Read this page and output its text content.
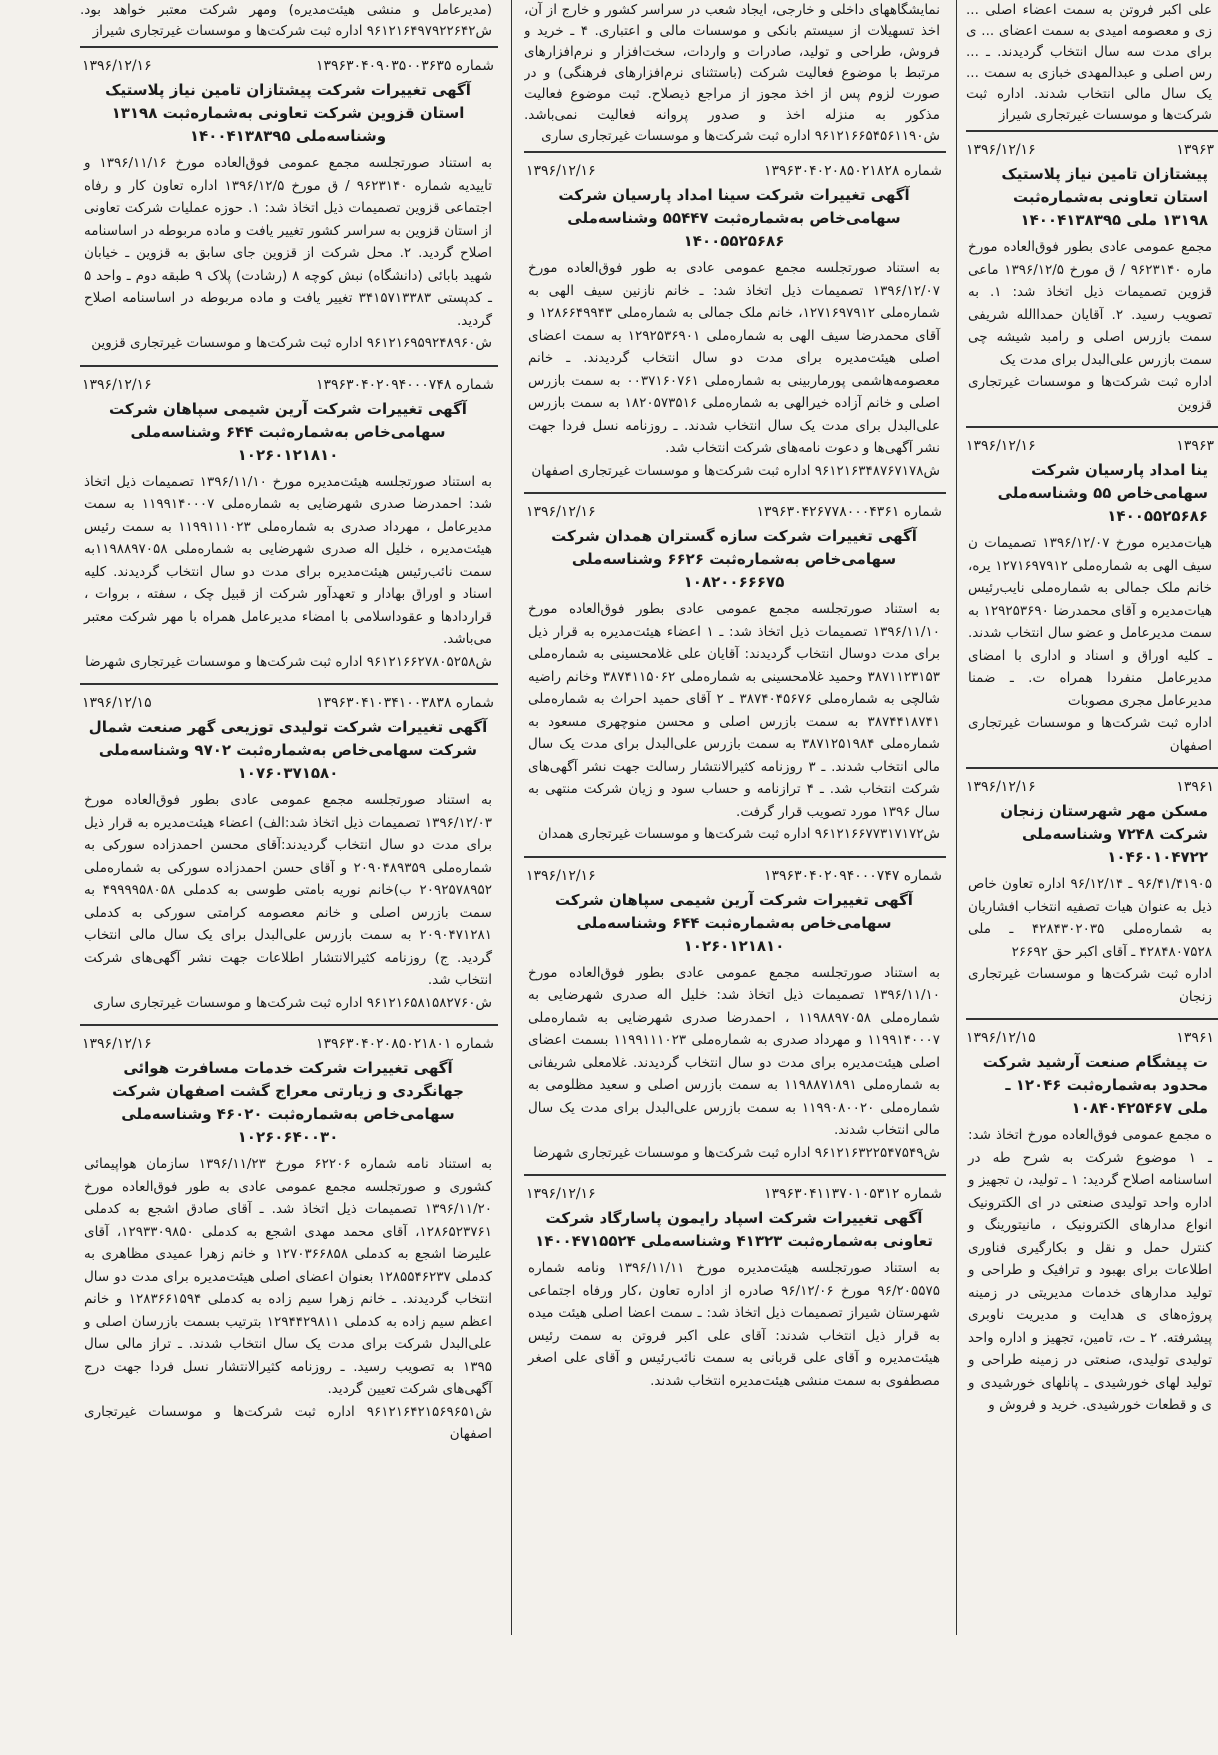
(مدیرعامل و منشی هیئت‌مدیره) ومهر شرکت معتبر خواهد بود. ش۹۶۱۲۱۶۴۹۷۹۲۲۶۴۲ اداره ثبت شرکت‌ها و موسسات غیرتجاری شیراز
شماره ۱۳۹۶۳۰۴۰۹۰۳۵۰۰۳۶۳۵
۱۳۹۶/۱۲/۱۶
آگهی تغییرات شرکت پیشتازان تامین نیاز پلاستیک استان قزوین شرکت تعاونی به‌شماره‌ثبت ۱۳۱۹۸ وشناسه‌ملی ۱۴۰۰۴۱۳۸۳۹۵
به استناد صورتجلسه مجمع عمومی فوق‌العاده مورخ ۱۳۹۶/۱۱/۱۶ و تاییدیه شماره ۹۶۲۳۱۴۰ / ق مورخ ۱۳۹۶/۱۲/۵ اداره تعاون کار و رفاه اجتماعی قزوین تصمیمات ذیل اتخاذ شد: ۱. حوزه عملیات شرکت تعاونی از استان قزوین به سراسر کشور تغییر یافت و ماده مربوطه در اساسنامه اصلاح گردید. ۲. محل شرکت از قزوین جای سابق به قزوین ـ خیابان شهید بابائی (دانشگاه) نبش کوچه ۸ (رشادت) پلاک ۹ طبقه دوم ـ واحد ۵ ـ کدپستی ۳۴۱۵۷۱۳۳۸۳ تغییر یافت و ماده مربوطه در اساسنامه اصلاح گردید.
ش۹۶۱۲۱۶۹۵۹۲۴۸۹۶۰ اداره ثبت شرکت‌ها و موسسات غیرتجاری قزوین
شماره ۱۳۹۶۳۰۴۰۲۰۹۴۰۰۰۷۴۸
۱۳۹۶/۱۲/۱۶
آگهی تغییرات شرکت آرین شیمی سپاهان شرکت سهامی‌خاص به‌شماره‌ثبت ۶۴۴ وشناسه‌ملی ۱۰۲۶۰۱۲۱۸۱۰
به استناد صورتجلسه هیئت‌مدیره مورخ ۱۳۹۶/۱۱/۱۰ تصمیمات ذیل اتخاذ شد: احمدرضا صدری شهرضایی به شماره‌ملی ۱۱۹۹۱۴۰۰۰۷ به سمت مدیرعامل ، مهرداد صدری به شماره‌ملی ۱۱۹۹۱۱۱۰۲۳ به سمت رئیس هیئت‌مدیره ، خلیل اله صدری شهرضایی به شماره‌ملی ۱۱۹۸۸۹۷۰۵۸به سمت نائب‌رئیس هیئت‌مدیره برای مدت دو سال انتخاب گردیدند. کلیه اسناد و اوراق بهادار و تعهدآور شرکت از قبیل چک ، سفته ، بروات ، قراردادها و عقوداسلامی با امضاء مدیرعامل همراه با مهر شرکت معتبر می‌باشد.
ش۹۶۱۲۱۶۶۲۷۸۰۵۲۵۸ اداره ثبت شرکت‌ها و موسسات غیرتجاری شهرضا
شماره ۱۳۹۶۳۰۴۱۰۳۴۱۰۰۳۸۳۸
۱۳۹۶/۱۲/۱۵
آگهی تغییرات شرکت تولیدی توزیعی گهر صنعت شمال شرکت سهامی‌خاص به‌شماره‌ثبت ۹۷۰۲ وشناسه‌ملی ۱۰۷۶۰۳۷۱۵۸۰
به استناد صورتجلسه مجمع عمومی عادی بطور فوق‌العاده مورخ ۱۳۹۶/۱۲/۰۳ تصمیمات ذیل اتخاذ شد:الف) اعضاء هیئت‌مدیره به قرار ذیل برای مدت دو سال انتخاب گردیدند:آقای محسن احمدزاده سورکی به شماره‌ملی ۲۰۹۰۴۸۹۳۵۹ و آقای حسن احمدزاده سورکی به شماره‌ملی ۲۰۹۲۵۷۸۹۵۲ ب)خانم نوریه بامتی طوسی به کدملی ۴۹۹۹۹۵۸۰۵۸ به سمت بازرس اصلی و خانم معصومه کرامتی سورکی به کدملی ۲۰۹۰۴۷۱۲۸۱ به سمت بازرس علی‌البدل برای یک سال مالی انتخاب گردید. ج) روزنامه کثیرالانتشار اطلاعات جهت نشر آگهی‌های شرکت انتخاب شد.
ش۹۶۱۲۱۶۵۸۱۵۸۲۷۶۰ اداره ثبت شرکت‌ها و موسسات غیرتجاری ساری
شماره ۱۳۹۶۳۰۴۰۲۰۸۵۰۲۱۸۰۱
۱۳۹۶/۱۲/۱۶
آگهی تغییرات شرکت خدمات مسافرت هوائی جهانگردی و زیارتی معراج گشت اصفهان شرکت سهامی‌خاص به‌شماره‌ثبت ۴۶۰۲۰ وشناسه‌ملی ۱۰۲۶۰۶۴۰۰۳۰
به استناد نامه شماره ۶۲۲۰۶ مورخ ۱۳۹۶/۱۱/۲۳ سازمان هواپیمائی کشوری و صورتجلسه مجمع عمومی عادی به طور فوق‌العاده مورخ ۱۳۹۶/۱۱/۲۰ تصمیمات ذیل اتخاذ شد. ـ آقای صادق اشجع به کدملی ۱۲۸۶۵۲۳۷۶۱، آقای محمد مهدی اشجع به کدملی ۱۲۹۳۳۰۹۸۵۰، آقای علیرضا اشجع به کدملی ۱۲۷۰۳۶۶۸۵۸ و خانم زهرا عمیدی مظاهری به کدملی ۱۲۸۵۵۴۶۲۳۷ بعنوان اعضای اصلی هیئت‌مدیره برای مدت دو سال انتخاب گردیدند. ـ خانم زهرا سیم زاده به کدملی ۱۲۸۳۶۶۱۵۹۴ و خانم اعظم سیم زاده به کدملی ۱۲۹۴۴۲۹۸۱۱ بترتیب بسمت بازرسان اصلی و علی‌البدل شرکت برای مدت یک سال انتخاب شدند. ـ تراز مالی سال ۱۳۹۵ به تصویب رسید. ـ روزنامه کثیرالانتشار نسل فردا جهت درج آگهی‌های شرکت تعیین گردید.
ش۹۶۱۲۱۶۴۲۱۵۶۹۶۵۱ اداره ثبت شرکت‌ها و موسسات غیرتجاری اصفهان
نمایشگاههای داخلی و خارجی، ایجاد شعب در سراسر کشور و خارج از آن، اخذ تسهیلات از سیستم بانکی و موسسات مالی و اعتباری. ۴ ـ خرید و فروش، طراحی و تولید، صادرات و واردات، سخت‌افزار و نرم‌افزارهای مرتبط با موضوع فعالیت شرکت (باستثنای نرم‌افزارهای فرهنگی) و در صورت لزوم پس از اخذ مجوز از مراجع ذیصلاح. ثبت موضوع فعالیت مذکور به منزله اخذ و صدور پروانه فعالیت نمی‌باشد. ش۹۶۱۲۱۶۶۵۴۵۶۱۱۹۰ اداره ثبت شرکت‌ها و موسسات غیرتجاری ساری
شماره ۱۳۹۶۳۰۴۰۲۰۸۵۰۲۱۸۲۸
۱۳۹۶/۱۲/۱۶
آگهی تغییرات شرکت سینا امداد پارسیان شرکت سهامی‌خاص به‌شماره‌ثبت ۵۵۴۴۷ وشناسه‌ملی ۱۴۰۰۵۵۲۵۶۸۶
به استناد صورتجلسه مجمع عمومی عادی به طور فوق‌العاده مورخ ۱۳۹۶/۱۲/۰۷ تصمیمات ذیل اتخاذ شد: ـ خانم نازنین سیف الهی به شماره‌ملی ۱۲۷۱۶۹۷۹۱۲، خانم ملک جمالی به شماره‌ملی ۱۲۸۶۶۴۹۹۴۳ و آقای محمدرضا سیف الهی به شماره‌ملی ۱۲۹۲۵۳۶۹۰۱ به سمت اعضای اصلی هیئت‌مدیره برای مدت دو سال انتخاب گردیدند. ـ خانم معصومه‌هاشمی پورماربینی به شماره‌ملی ۰۰۳۷۱۶۰۷۶۱ به سمت بازرس اصلی و خانم آزاده خیرالهی به شماره‌ملی ۱۸۲۰۵۷۳۵۱۶ به سمت بازرس علی‌البدل برای مدت یک سال انتخاب شدند. ـ روزنامه نسل فردا جهت نشر آگهی‌ها و دعوت نامه‌های شرکت انتخاب شد.
ش۹۶۱۲۱۶۳۴۸۷۶۷۱۷۸ اداره ثبت شرکت‌ها و موسسات غیرتجاری اصفهان
شماره ۱۳۹۶۳۰۴۲۶۷۷۸۰۰۰۴۳۶۱
۱۳۹۶/۱۲/۱۶
آگهی تغییرات شرکت سازه گستران همدان شرکت سهامی‌خاص به‌شماره‌ثبت ۶۶۲۶ وشناسه‌ملی ۱۰۸۲۰۰۶۶۶۷۵
به استناد صورتجلسه مجمع عمومی عادی بطور فوق‌العاده مورخ ۱۳۹۶/۱۱/۱۰ تصمیمات ذیل اتخاذ شد: ـ ۱ اعضاء هیئت‌مدیره به قرار ذیل برای مدت دوسال انتخاب گردیدند: آقایان علی غلامحسینی به شماره‌ملی ۳۸۷۱۱۲۳۱۵۳ وحمید غلامحسینی به شماره‌ملی ۳۸۷۴۱۱۵۰۶۲ وخانم راضیه شالچی به شماره‌ملی ۳۸۷۴۰۴۵۶۷۶ ـ ۲ آقای حمید احراث به شماره‌ملی ۳۸۷۴۴۱۸۷۴۱ به سمت بازرس اصلی و محسن منوچهری مسعود به شماره‌ملی ۳۸۷۱۲۵۱۹۸۴ به سمت بازرس علی‌البدل برای مدت یک سال مالی انتخاب شدند. ـ ۳ روزنامه کثیرالانتشار رسالت جهت نشر آگهی‌های شرکت انتخاب شد. ـ ۴ ترازنامه و حساب سود و زیان شرکت منتهی به سال ۱۳۹۶ مورد تصویب قرار گرفت.
ش۹۶۱۲۱۶۶۷۷۳۱۷۱۷۲ اداره ثبت شرکت‌ها و موسسات غیرتجاری همدان
شماره ۱۳۹۶۳۰۴۰۲۰۹۴۰۰۰۷۴۷
۱۳۹۶/۱۲/۱۶
آگهی تغییرات شرکت آرین شیمی سپاهان شرکت سهامی‌خاص به‌شماره‌ثبت ۶۴۴ وشناسه‌ملی ۱۰۲۶۰۱۲۱۸۱۰
به استناد صورتجلسه مجمع عمومی عادی بطور فوق‌العاده مورخ ۱۳۹۶/۱۱/۱۰ تصمیمات ذیل اتخاذ شد: خلیل اله صدری شهرضایی به شماره‌ملی ۱۱۹۸۸۹۷۰۵۸ ، احمدرضا صدری شهرضایی به شماره‌ملی ۱۱۹۹۱۴۰۰۰۷ و مهرداد صدری به شماره‌ملی ۱۱۹۹۱۱۱۰۲۳ بسمت اعضای اصلی هیئت‌مدیره برای مدت دو سال انتخاب گردیدند. غلامعلی شریفانی به شماره‌ملی ۱۱۹۸۸۷۱۸۹۱ به سمت بازرس اصلی و سعید مظلومی به شماره‌ملی ۱۱۹۹۰۸۰۰۲۰ به سمت بازرس علی‌البدل برای مدت یک سال مالی انتخاب شدند.
ش۹۶۱۲۱۶۳۲۲۵۴۷۵۴۹ اداره ثبت شرکت‌ها و موسسات غیرتجاری شهرضا
شماره ۱۳۹۶۳۰۴۱۱۳۷۰۱۰۵۳۱۲
۱۳۹۶/۱۲/۱۶
آگهی تغییرات شرکت اسپاد رایمون پاسارگاد شرکت تعاونی به‌شماره‌ثبت ۴۱۳۲۳ وشناسه‌ملی ۱۴۰۰۴۷۱۵۵۲۴
به استناد صورتجلسه هیئت‌مدیره مورخ ۱۳۹۶/۱۱/۱۱ ونامه شماره ۹۶/۲۰۵۵۷۵ مورخ ۹۶/۱۲/۰۶ صادره از اداره تعاون ،کار ورفاه اجتماعی شهرستان شیراز تصمیمات ذیل اتخاذ شد: ـ سمت اعضا اصلی هیئت میده به قرار ذیل انتخاب شدند: آقای علی اکبر فروتن به سمت رئیس هیئت‌مدیره و آقای علی قربانی به سمت نائب‌رئیس و آقای علی اصغر مصطفوی به سمت منشی هیئت‌مدیره انتخاب شدند.
علی اکبر فروتن به سمت اعضاء اصلی ... زی و معصومه امیدی به سمت اعضای ... ی برای مدت سه سال انتخاب گردیدند. ـ ... رس اصلی و عبدالمهدی خبازی به سمت ... یک سال مالی انتخاب شدند. اداره ثبت شرکت‌ها و موسسات غیرتجاری شیراز
۱۳۹۶۳
۱۳۹۶/۱۲/۱۶
پیشتازان تامین نیاز پلاستیک استان تعاونی به‌شماره‌ثبت ۱۳۱۹۸ ملی ۱۴۰۰۴۱۳۸۳۹۵
مجمع عمومی عادی بطور فوق‌العاده مورخ ماره ۹۶۲۳۱۴۰ / ق مورخ ۱۳۹۶/۱۲/۵ ماعی قزوین تصمیمات ذیل اتخاذ شد: ۱. به تصویب رسید. ۲. آقایان حمداالله شریفی سمت بازرس اصلی و رامبد شیشه چی سمت بازرس علی‌البدل برای مدت یک
اداره ثبت شرکت‌ها و موسسات غیرتجاری قزوین
۱۳۹۶۳
۱۳۹۶/۱۲/۱۶
ینا امداد پارسیان شرکت سهامی‌خاص ۵۵ وشناسه‌ملی ۱۴۰۰۵۵۲۵۶۸۶
هیات‌مدیره مورخ ۱۳۹۶/۱۲/۰۷ تصمیمات ن سیف الهی به شماره‌ملی ۱۲۷۱۶۹۷۹۱۲ یره، خانم ملک جمالی به شماره‌ملی نایب‌رئیس هیات‌مدیره و آقای محمدرضا ۱۲۹۲۵۳۶۹۰ به سمت مدیرعامل و عضو سال انتخاب شدند. ـ کلیه اوراق و اسناد و اداری با امضای مدیرعامل منفردا همراه ت. ـ ضمنا مدیرعامل مجری مصوبات
اداره ثبت شرکت‌ها و موسسات غیرتجاری اصفهان
۱۳۹۶۱
۱۳۹۶/۱۲/۱۶
مسکن مهر شهرستان زنجان شرکت ۷۲۴۸ وشناسه‌ملی ۱۰۴۶۰۱۰۴۷۲۲
۹۶/۴۱/۴۱۹۰۵ ـ ۹۶/۱۲/۱۴ اداره تعاون خاص ذیل به عنوان هیات تصفیه انتخاب افشاریان به شماره‌ملی ۴۲۸۴۳۰۲۰۳۵ ـ ملی ۴۲۸۴۸۰۷۵۲۸ ـ آقای اکبر حق ۲۶۶۹۲
اداره ثبت شرکت‌ها و موسسات غیرتجاری زنجان
۱۳۹۶۱
۱۳۹۶/۱۲/۱۵
ت پیشگام صنعت آرشید شرکت محدود به‌شماره‌ثبت ۱۲۰۴۶ ـ ملی ۱۰۸۴۰۴۲۵۴۶۷
ه مجمع عمومی فوق‌العاده مورخ اتخاذ شد: ـ ۱ موضوع شرکت به شرح طه در اساسنامه اصلاح گردید: ۱ ـ تولید، ن تجهیز و اداره واحد تولیدی صنعتی در ای الکترونیک انواع مدارهای الکترونیک ، مانیتورینگ و کنترل حمل و نقل و بکارگیری فناوری اطلاعات برای بهبود و ترافیک و طراحی و تولید مدارهای خدمات مدیریتی در زمینه پروژه‌های ی هدایت و مدیریت ناوبری پیشرفته. ۲ ـ ت، تامین، تجهیز و اداره واحد تولیدی تولیدی، صنعتی در زمینه طراحی و تولید لهای خورشیدی ـ پانلهای خورشیدی و ی و قطعات خورشیدی. خرید و فروش و
